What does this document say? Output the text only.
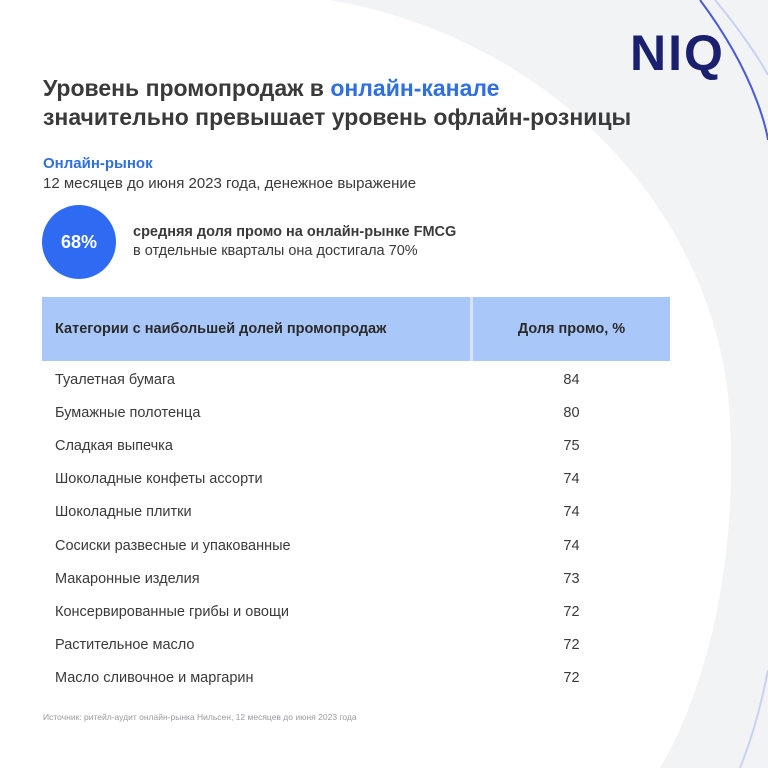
NIQ
Уровень промопродаж в онлайн-канале
значительно превышает уровень офлайн-розницы
Онлайн-рынок
12 месяцев до июня 2023 года, денежное выражение
68% средняя доля промо на онлайн-рынке FMCG
в отдельные кварталы она достигала 70%
Категории с наибольшей долей промопродаж	Доля промо, %
Туалетная бумага	84
Бумажные полотенца	80
Сладкая выпечка	75
Шоколадные конфеты ассорти	74
Шоколадные плитки	74
Сосиски развесные и упакованные	74
Макаронные изделия	73
Консервированные грибы и овощи	72
Растительное масло	72
Масло сливочное и маргарин	72
Источник: ритейл-аудит онлайн-рынка Нильсен, 12 месяцев до июня 2023 года
